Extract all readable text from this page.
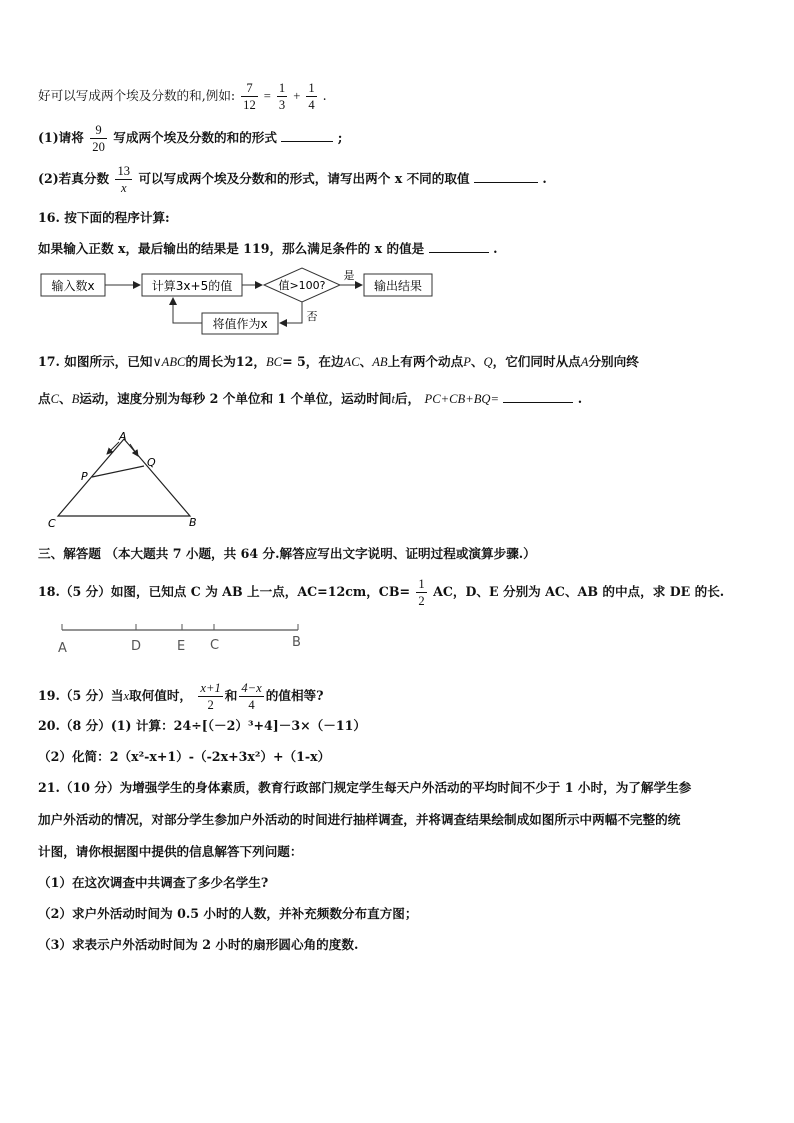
好可以写成两个埃及分数的和,例如: $\frac{7}{12} = \frac{1}{3} + \frac{1}{4}$ .
(1)请将 $\frac{9}{20}$ 写成两个埃及分数的和的形式	;
(2)若真分数 $\frac{13}{x}$ 可以写成两个埃及分数和的形式，请写出两个 x 不同的取值	.
16. 按下面的程序计算:
如果输入正数 x，最后输出的结果是 119，那么满足条件的 x 的值是	.
输入数x	计算3x+5的值	值>100?
是
输出结果
否
将值作为x
17. 如图所示，已知∨ABC的周长为12，BC= 5，在边AC、AB上有两个动点P、Q，它们同时从点A分别向终
点C、B运动，速度分别为每秒 2 个单位和 1 个单位，运动时间t后， PC+CB+BQ=	.
A
P
Q
C	B
三、解答题 （本大题共 7 小题，共 64 分.解答应写出文字说明、证明过程或演算步骤.）
18.（5 分）如图，已知点 C 为 AB 上一点，AC=12cm，$CB= \frac{1}{2}$ AC，D、E 分别为 AC、AB 的中点，求 DE 的长.
A	D	E C	B
19.（5 分）当x取何值时， $\frac{x+1}{2}$ 和 $\frac{4-x}{4}$ 的值相等?
20.（8 分）(1) 计算：24÷[（－2）³+4]－3×（－11）
（2）化简：2（x²-x+1）-（-2x+3x²）+（1-x）
21.（10 分）为增强学生的身体素质，教育行政部门规定学生每天户外活动的平均时间不少于 1 小时，为了解学生参
加户外活动的情况，对部分学生参加户外活动的时间进行抽样调查，并将调查结果绘制成如图所示中两幅不完整的统
计图，请你根据图中提供的信息解答下列问题：
（1）在这次调查中共调查了多少名学生?
（2）求户外活动时间为 0.5 小时的人数，并补充频数分布直方图；
（3）求表示户外活动时间为 2 小时的扇形圆心角的度数.
